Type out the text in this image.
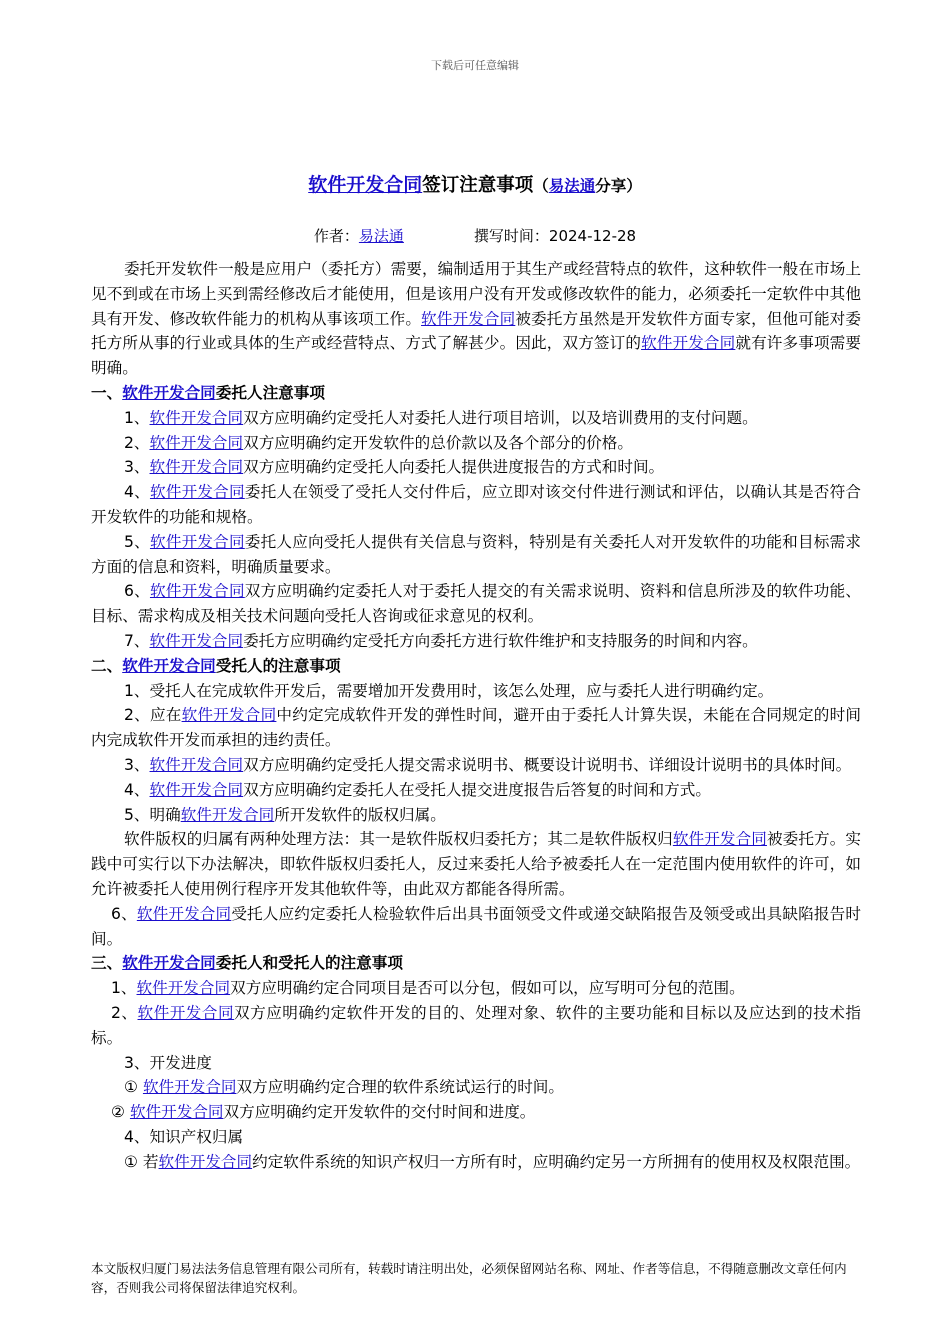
下载后可任意编辑
软件开发合同签订注意事项（易法通分享）
作者：易法通	撰写时间：2024-12-28

委托开发软件一般是应用户（委托方）需要，编制适用于其生产或经营特点的软件，这种软件一般在市场上见不到或在市场上买到需经修改后才能使用，但是该用户没有开发或修改软件的能力，必须委托一定软件中其他具有开发、修改软件能力的机构从事该项工作。软件开发合同被委托方虽然是开发软件方面专家，但他可能对委托方所从事的行业或具体的生产或经营特点、方式了解甚少。因此，双方签订的软件开发合同就有许多事项需要明确。

一、软件开发合同委托人注意事项

1、软件开发合同双方应明确约定受托人对委托人进行项目培训，以及培训费用的支付问题。

2、软件开发合同双方应明确约定开发软件的总价款以及各个部分的价格。

3、软件开发合同双方应明确约定受托人向委托人提供进度报告的方式和时间。

4、软件开发合同委托人在领受了受托人交付件后，应立即对该交付件进行测试和评估，以确认其是否符合开发软件的功能和规格。

5、软件开发合同委托人应向受托人提供有关信息与资料，特别是有关委托人对开发软件的功能和目标需求方面的信息和资料，明确质量要求。

6、软件开发合同双方应明确约定委托人对于委托人提交的有关需求说明、资料和信息所涉及的软件功能、目标、需求构成及相关技术问题向受托人咨询或征求意见的权利。

7、软件开发合同委托方应明确约定受托方向委托方进行软件维护和支持服务的时间和内容。

二、软件开发合同受托人的注意事项

1、受托人在完成软件开发后，需要增加开发费用时，该怎么处理，应与委托人进行明确约定。

2、应在软件开发合同中约定完成软件开发的弹性时间，避开由于委托人计算失误，未能在合同规定的时间内完成软件开发而承担的违约责任。

3、软件开发合同双方应明确约定受托人提交需求说明书、概要设计说明书、详细设计说明书的具体时间。

4、软件开发合同双方应明确约定委托人在受托人提交进度报告后答复的时间和方式。

5、明确软件开发合同所开发软件的版权归属。

软件版权的归属有两种处理方法：其一是软件版权归委托方；其二是软件版权归软件开发合同被委托方。实践中可实行以下办法解决，即软件版权归委托人，反过来委托人给予被委托人在一定范围内使用软件的许可，如允许被委托人使用例行程序开发其他软件等，由此双方都能各得所需。

6、软件开发合同受托人应约定委托人检验软件后出具书面领受文件或递交缺陷报告及领受或出具缺陷报告时间。

三、软件开发合同委托人和受托人的注意事项

1、软件开发合同双方应明确约定合同项目是否可以分包，假如可以，应写明可分包的范围。

2、软件开发合同双方应明确约定软件开发的目的、处理对象、软件的主要功能和目标以及应达到的技术指标。

3、开发进度

① 软件开发合同双方应明确约定合理的软件系统试运行的时间。

② 软件开发合同双方应明确约定开发软件的交付时间和进度。

4、知识产权归属

① 若软件开发合同约定软件系统的知识产权归一方所有时，应明确约定另一方所拥有的使用权及权限范围。

本文版权归厦门易法法务信息管理有限公司所有，转载时请注明出处，必须保留网站名称、网址、作者等信息，不得随意删改文章任何内容，否则我公司将保留法律追究权利。
